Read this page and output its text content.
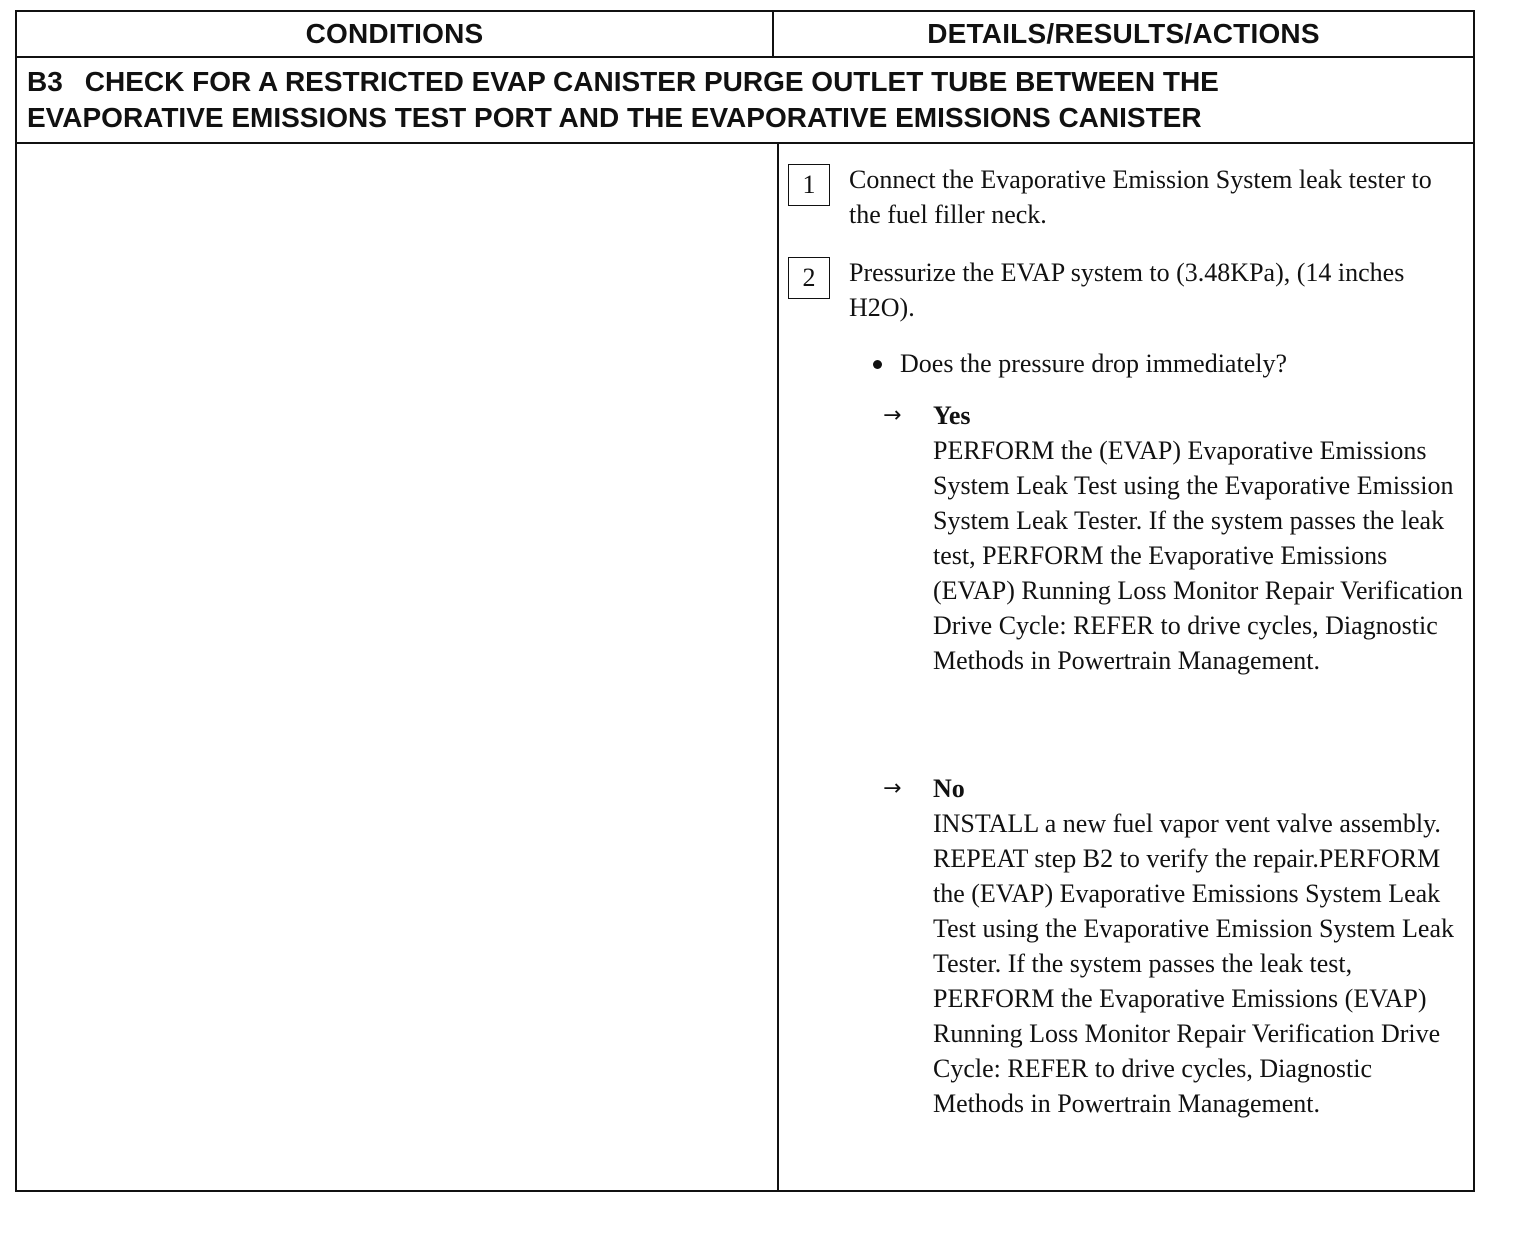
CONDITIONS	DETAILS/RESULTS/ACTIONS
B3 CHECK FOR A RESTRICTED EVAP CANISTER PURGE OUTLET TUBE BETWEEN THE
EVAPORATIVE EMISSIONS TEST PORT AND THE EVAPORATIVE EMISSIONS CANISTER
1	Connect the Evaporative Emission System leak tester to the fuel filler neck.
2	Pressurize the EVAP system to (3.48KPa), (14 inches H2O).
Does the pressure drop immediately?
→	Yes
PERFORM the (EVAP) Evaporative Emissions System Leak Test using the Evaporative Emission System Leak Tester. If the system passes the leak test, PERFORM the Evaporative Emissions (EVAP) Running Loss Monitor Repair Verification Drive Cycle: REFER to drive cycles, Diagnostic Methods in Powertrain Management.
→	No
INSTALL a new fuel vapor vent valve assembly. REPEAT step B2 to verify the repair.PERFORM the (EVAP) Evaporative Emissions System Leak Test using the Evaporative Emission System Leak Tester. If the system passes the leak test, PERFORM the Evaporative Emissions (EVAP) Running Loss Monitor Repair Verification Drive Cycle: REFER to drive cycles, Diagnostic Methods in Powertrain Management.
